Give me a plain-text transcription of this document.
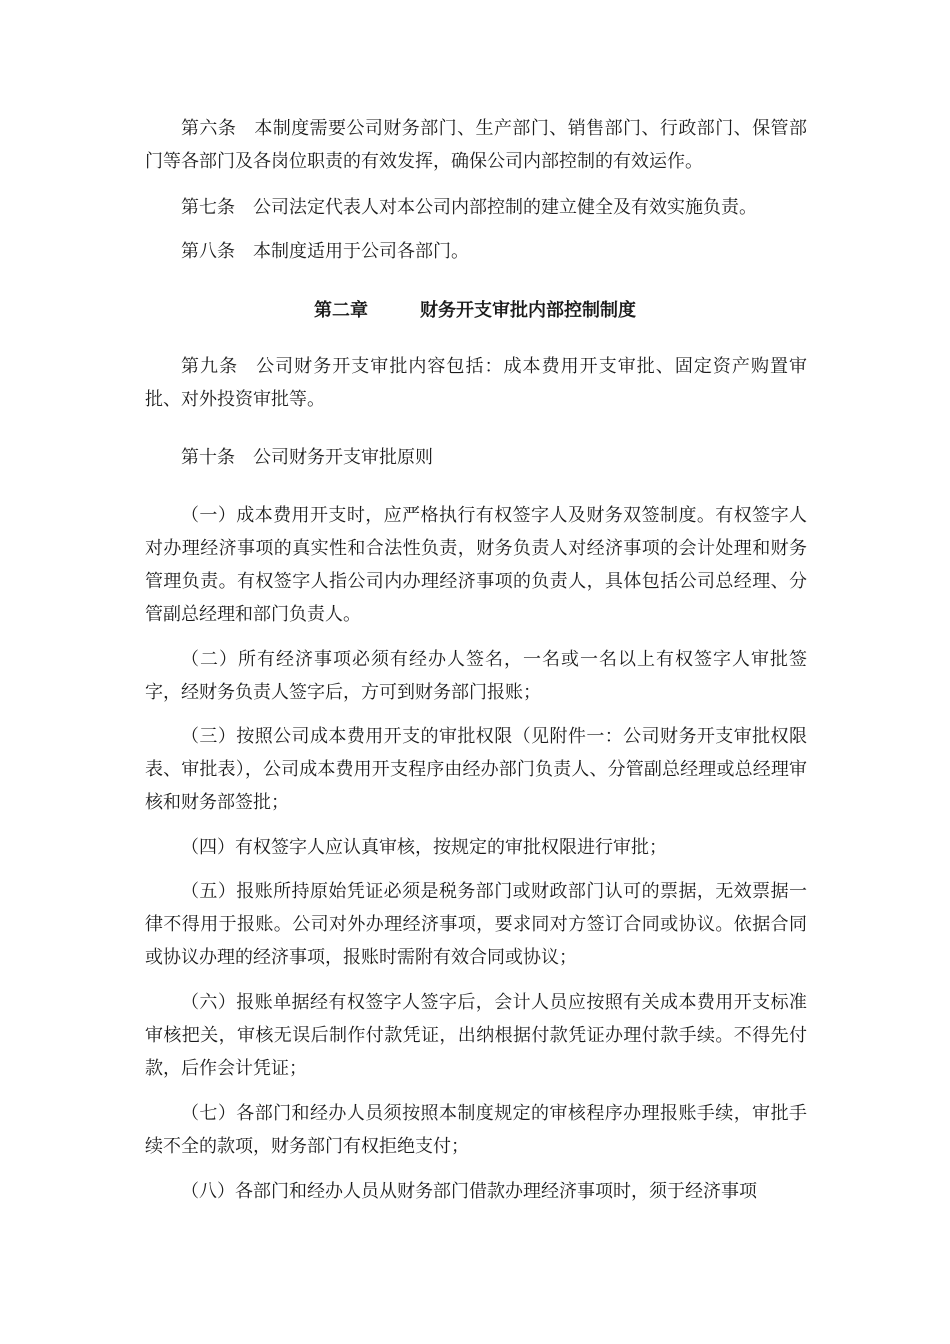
第六条 本制度需要公司财务部门、生产部门、销售部门、行政部门、保管部门等各部门及各岗位职责的有效发挥，确保公司内部控制的有效运作。

第七条 公司法定代表人对本公司内部控制的建立健全及有效实施负责。

第八条 本制度适用于公司各部门。

第二章	财务开支审批内部控制制度

第九条 公司财务开支审批内容包括：成本费用开支审批、固定资产购置审批、对外投资审批等。

第十条 公司财务开支审批原则

（一）成本费用开支时，应严格执行有权签字人及财务双签制度。有权签字人对办理经济事项的真实性和合法性负责，财务负责人对经济事项的会计处理和财务管理负责。有权签字人指公司内办理经济事项的负责人，具体包括公司总经理、分管副总经理和部门负责人。

（二）所有经济事项必须有经办人签名，一名或一名以上有权签字人审批签字，经财务负责人签字后，方可到财务部门报账；

（三）按照公司成本费用开支的审批权限（见附件一：公司财务开支审批权限表、审批表），公司成本费用开支程序由经办部门负责人、分管副总经理或总经理审核和财务部签批；

（四）有权签字人应认真审核，按规定的审批权限进行审批；

（五）报账所持原始凭证必须是税务部门或财政部门认可的票据，无效票据一律不得用于报账。公司对外办理经济事项，要求同对方签订合同或协议。依据合同或协议办理的经济事项，报账时需附有效合同或协议；

（六）报账单据经有权签字人签字后，会计人员应按照有关成本费用开支标准审核把关，审核无误后制作付款凭证，出纳根据付款凭证办理付款手续。不得先付款，后作会计凭证；

（七）各部门和经办人员须按照本制度规定的审核程序办理报账手续，审批手续不全的款项，财务部门有权拒绝支付；

（八）各部门和经办人员从财务部门借款办理经济事项时，须于经济事项
